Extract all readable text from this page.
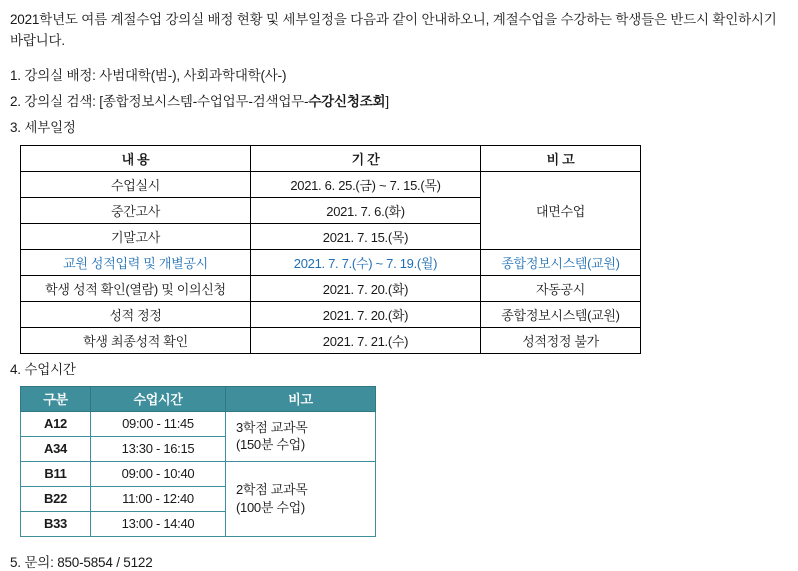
2021학년도 여름 계절수업 강의실 배정 현황 및 세부일정을 다음과 같이 안내하오니, 계절수업을 수강하는 학생들은 반드시 확인하시기 바랍니다.

1. 강의실 배정: 사범대학(범-), 사회과학대학(사-)

2. 강의실 검색: [종합정보시스템-수업업무-검색업무-수강신청조회]

3. 세부일정

내 용	기 간	비 고
수업실시	2021. 6. 25.(금) ~ 7. 15.(목)	대면수업
중간고사	2021. 7. 6.(화)	
기말고사	2021. 7. 15.(목)	
교원 성적입력 및 개별공시	2021. 7. 7.(수) ~ 7. 19.(월)	종합정보시스템(교원)
학생 성적 확인(열람) 및 이의신청	2021. 7. 20.(화)	자동공시
성적 정정	2021. 7. 20.(화)	종합정보시스템(교원)
학생 최종성적 확인	2021. 7. 21.(수)	성적정정 불가

4. 수업시간

구분	수업시간	비고
A12	09:00 - 11:45	3학점 교과목
(150분 수업)
A34	13:30 - 16:15	
B11	09:00 - 10:40	2학점 교과목
(100분 수업)
B22	11:00 - 12:40	
B33	13:00 - 14:40	

5. 문의: 850-5854 / 5122
